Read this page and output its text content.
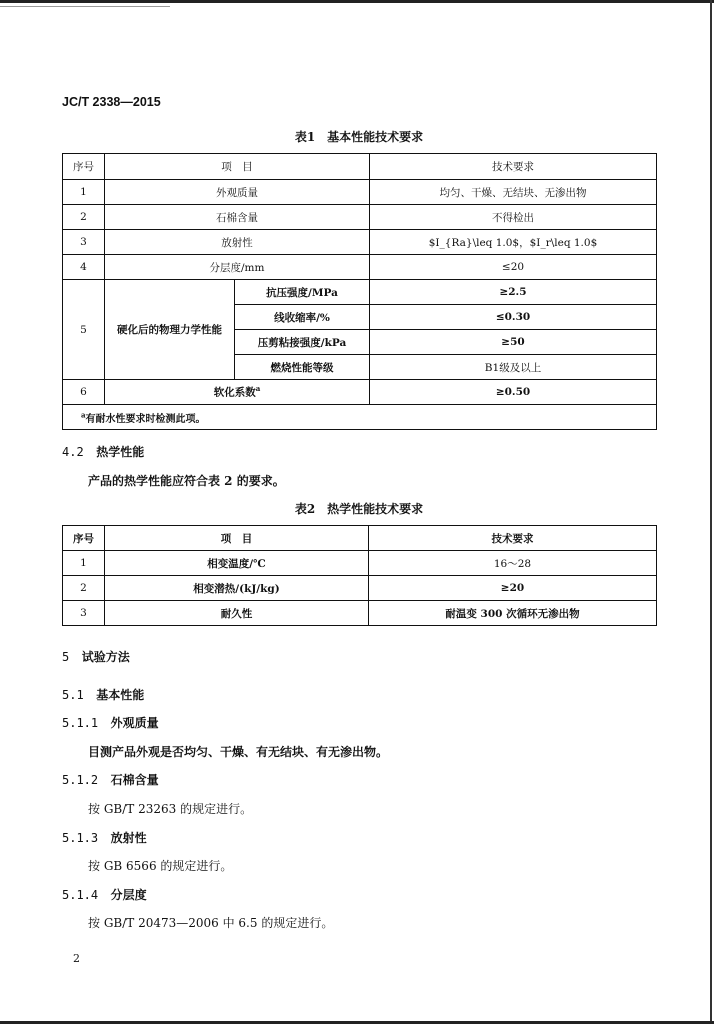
JC/T 2338—2015
表1　基本性能技术要求
序号	项　目		技术要求
1	外观质量		均匀、干燥、无结块、无渗出物
2	石棉含量		不得检出
3	放射性		$I_{Ra}\leq 1.0$，$I_r\leq 1.0$
4	分层度/mm		≤20
5	硬化后的物理力学性能	抗压强度/MPa	≥2.5
		线收缩率/%	≤0.30
		压剪粘接强度/kPa	≥50
		燃烧性能等级	B1级及以上
6	软化系数$^a$		≥0.50
$^a$有耐水性要求时检测此项。			
4.2 热学性能
产品的热学性能应符合表 2 的要求。
表2　热学性能技术要求
序号	项　目	技术要求
1	相变温度/℃	16～28
2	相变潜热/(kJ/kg)	≥20
3	耐久性	耐温变 300 次循环无渗出物
5 试验方法
5.1 基本性能
5.1.1 外观质量
目测产品外观是否均匀、干燥、有无结块、有无渗出物。
5.1.2 石棉含量
按 GB/T 23263 的规定进行。
5.1.3 放射性
按 GB 6566 的规定进行。
5.1.4 分层度
按 GB/T 20473—2006 中 6.5 的规定进行。
2
